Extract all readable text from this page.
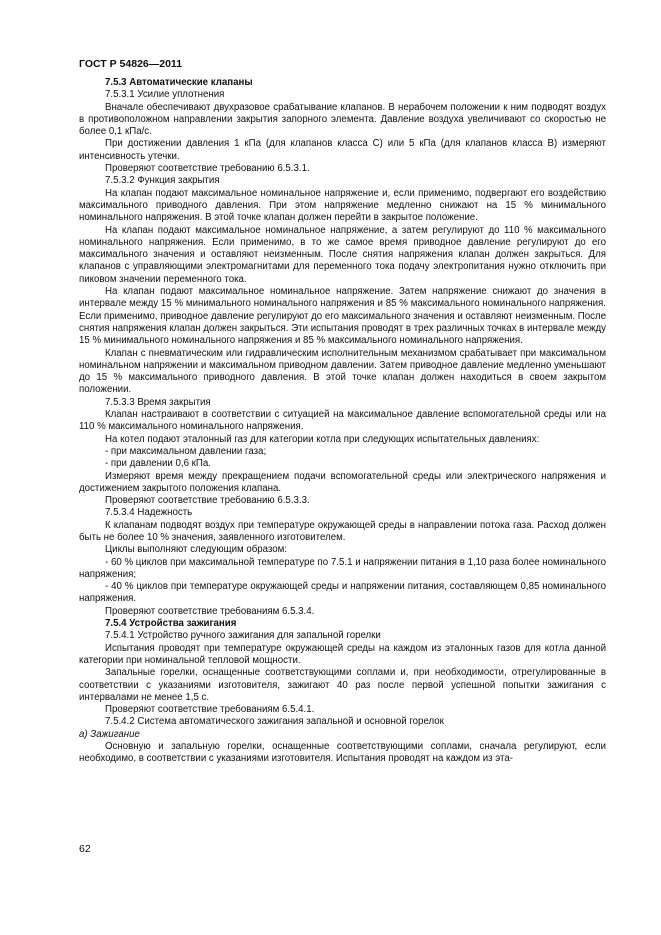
ГОСТ Р 54826—2011

7.5.3 Автоматические клапаны

7.5.3.1 Усилие уплотнения

Вначале обеспечивают двухразовое срабатывание клапанов. В нерабочем положении к ним подводят воздух в противоположном направлении закрытия запорного элемента. Давление воздуха увеличивают со скоростью не более 0,1 кПа/с.

При достижении давления 1 кПа (для клапанов класса С) или 5 кПа (для клапанов класса В) измеряют интенсивность утечки.

Проверяют соответствие требованию 6.5.3.1.

7.5.3.2 Функция закрытия

На клапан подают максимальное номинальное напряжение и, если применимо, подвергают его воздействию максимального приводного давления. При этом напряжение медленно снижают на 15 % минимального номинального напряжения. В этой точке клапан должен перейти в закрытое положение.

На клапан подают максимальное номинальное напряжение, а затем регулируют до 110 % максимального номинального напряжения. Если применимо, в то же самое время приводное давление регулируют до его максимального значения и оставляют неизменным. После снятия напряжения клапан должен закрыться. Для клапанов с управляющими электромагнитами для переменного тока подачу электропитания нужно отключить при пиковом значении переменного тока.

На клапан подают максимальное номинальное напряжение. Затем напряжение снижают до значения в интервале между 15 % минимального номинального напряжения и 85 % максимального номинального напряжения. Если применимо, приводное давление регулируют до его максимального значения и оставляют неизменным. После снятия напряжения клапан должен закрыться. Эти испытания проводят в трех различных точках в интервале между 15 % минимального номинального напряжения и 85 % максимального номинального напряжения.

Клапан с пневматическим или гидравлическим исполнительным механизмом срабатывает при максимальном номинальном напряжении и максимальном приводном давлении. Затем приводное давление медленно уменьшают до 15 % максимального приводного давления. В этой точке клапан должен находиться в своем закрытом положении.

7.5.3.3 Время закрытия

Клапан настраивают в соответствии с ситуацией на максимальное давление вспомогательной среды или на 110 % максимального номинального напряжения.

На котел подают эталонный газ для категории котла при следующих испытательных давлениях:

- при максимальном давлении газа;

- при давлении 0,6 кПа.

Измеряют время между прекращением подачи вспомогательной среды или электрического напряжения и достижением закрытого положения клапана.

Проверяют соответствие требованию 6.5.3.3.

7.5.3.4 Надежность

К клапанам подводят воздух при температуре окружающей среды в направлении потока газа. Расход должен быть не более 10 % значения, заявленного изготовителем.

Циклы выполняют следующим образом:

- 60 % циклов при максимальной температуре по 7.5.1 и напряжении питания в 1,10 раза более номинального напряжения;

- 40 % циклов при температуре окружающей среды и напряжении питания, составляющем 0,85 номинального напряжения.

Проверяют соответствие требованиям 6.5.3.4.

7.5.4 Устройства зажигания

7.5.4.1 Устройство ручного зажигания для запальной горелки

Испытания проводят при температуре окружающей среды на каждом из эталонных газов для котла данной категории при номинальной тепловой мощности.

Запальные горелки, оснащенные соответствующими соплами и, при необходимости, отрегулированные в соответствии с указаниями изготовителя, зажигают 40 раз после первой успешной попытки зажигания с интервалами не менее 1,5 с.

Проверяют соответствие требованиям 6.5.4.1.

7.5.4.2 Система автоматического зажигания запальной и основной горелок

а) Зажигание

Основную и запальную горелки, оснащенные соответствующими соплами, сначала регулируют, если необходимо, в соответствии с указаниями изготовителя. Испытания проводят на каждом из эта-

62
